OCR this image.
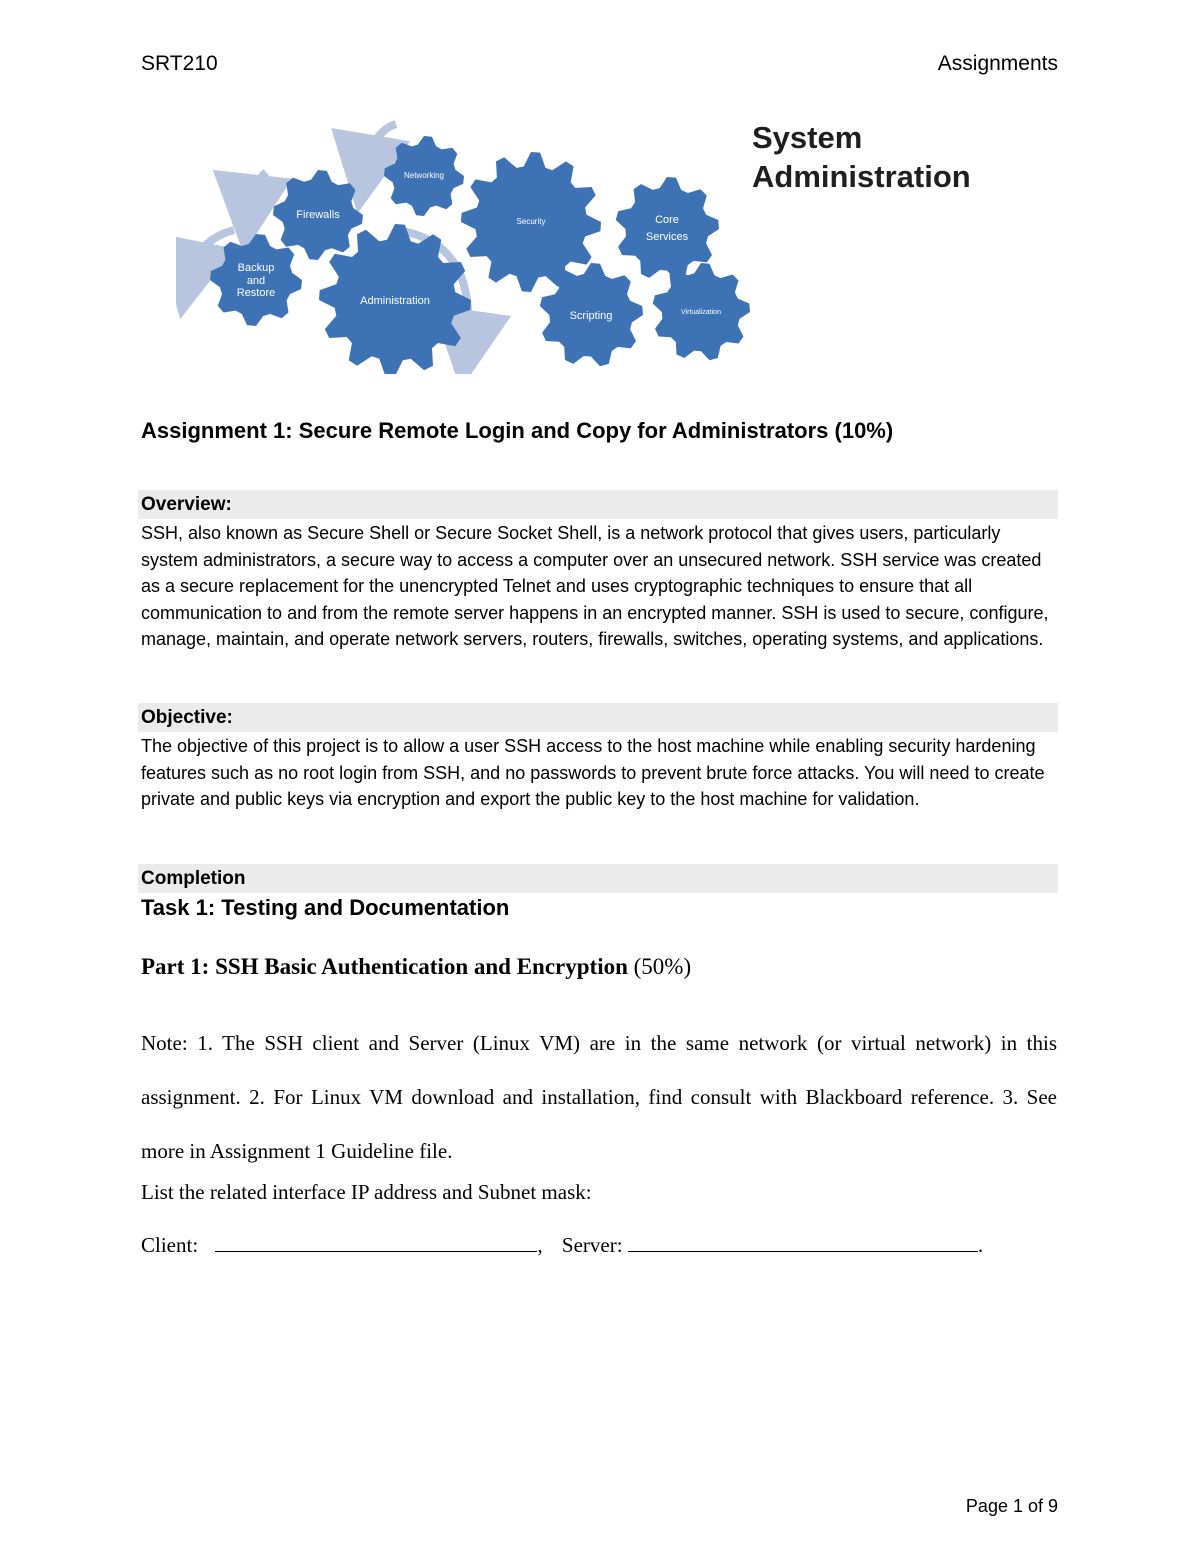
SRT210	Assignments
Backup
and
Restore
Firewalls
Networking
Administration
Security	Core
Services
Scripting	Virtualization
System
Administration
Assignment 1: Secure Remote Login and Copy for Administrators (10%)
Overview:
SSH, also known as Secure Shell or Secure Socket Shell, is a network protocol that gives users, particularly system administrators, a secure way to access a computer over an unsecured network. SSH service was created as a secure replacement for the unencrypted Telnet and uses cryptographic techniques to ensure that all communication to and from the remote server happens in an encrypted manner. SSH is used to secure, configure, manage, maintain, and operate network servers, routers, firewalls, switches, operating systems, and applications.
Objective:
The objective of this project is to allow a user SSH access to the host machine while enabling security hardening features such as no root login from SSH, and no passwords to prevent brute force attacks. You will need to create private and public keys via encryption and export the public key to the host machine for validation.
Completion
Task 1: Testing and Documentation
Part 1: SSH Basic Authentication and Encryption (50%)
Note: 1. The SSH client and Server (Linux VM) are in the same network (or virtual network) in this assignment. 2. For Linux VM download and installation, find consult with Blackboard reference. 3. See more in Assignment 1 Guideline file.
List the related interface IP address and Subnet mask:
Client:	, Server:	.
Page 1 of 9
